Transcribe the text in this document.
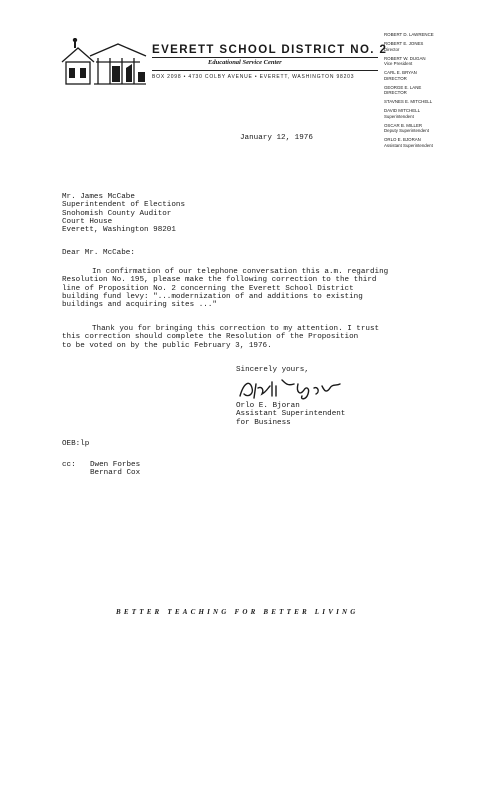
EVERETT SCHOOL DISTRICT NO. 2
Educational Service Center
BOX 2098 • 4730 COLBY AVENUE • EVERETT, WASHINGTON 98203
ROBERT D. LAWRENCE
ROBERT E. JONES
Director
ROBERT W. DUGAN
Vice President
CARL E. BRYAN
DIRECTOR
GEORGE E. LANE
DIRECTOR
STAVNES E. MITCHELL
DAVID MITCHELL
Superintendent
OSCAR B. MILLER
Deputy Superintendent
ORLO E. BJORAN
Assistant Superintendent
January 12, 1976
Mr. James McCabe
Superintendent of Elections
Snohomish County Auditor
Court House
Everett, Washington 98201
Dear Mr. McCabe:
In confirmation of our telephone conversation this a.m. regarding
Resolution No. 195, please make the following correction to the third
line of Proposition No. 2 concerning the Everett School District
building fund levy: "...modernization of and additions to existing
buildings and acquiring sites ..."
Thank you for bringing this correction to my attention. I trust
this correction should complete the Resolution of the Proposition
to be voted on by the public February 3, 1976.
Sincerely yours,
Orlo E. Bjoran
Assistant Superintendent
for Business
OEB:lp
cc: Dwen Forbes
Bernard Cox
BETTER TEACHING FOR BETTER LIVING
